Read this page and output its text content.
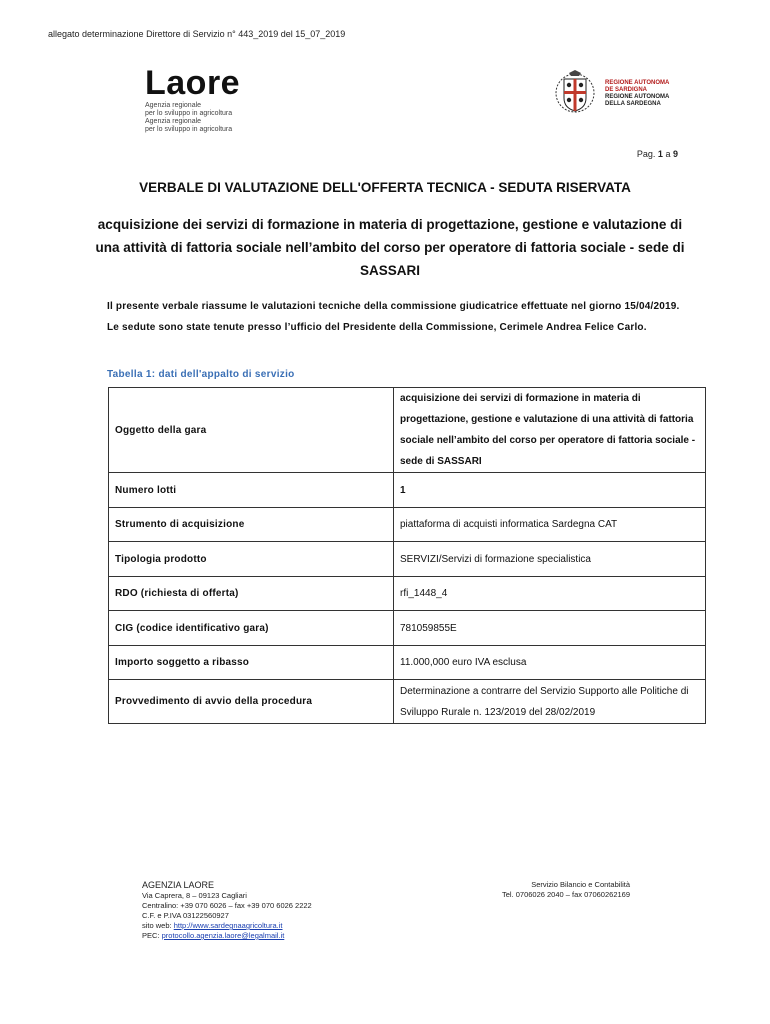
allegato determinazione Direttore di Servizio n° 443_2019 del 15_07_2019
Laore
Agenzia regionale
per lo sviluppo in agricoltura
Agenzia regionale
per lo sviluppo in agricoltura
REGIONE AUTONOMA
DE SARDIGNA
REGIONE AUTONOMA
DELLA SARDEGNA
Pag. 1 a 9
VERBALE DI VALUTAZIONE DELL'OFFERTA TECNICA - SEDUTA RISERVATA
acquisizione dei servizi di formazione in materia di progettazione, gestione e valutazione di una attività di fattoria sociale nell’ambito del corso per operatore di fattoria sociale - sede di SASSARI
Il presente verbale riassume le valutazioni tecniche della commissione giudicatrice effettuate nel giorno 15/04/2019. Le sedute sono state tenute presso l’ufficio del Presidente della Commissione, Cerimele Andrea Felice Carlo.
Tabella 1: dati dell'appalto di servizio
Oggetto della gara	acquisizione dei servizi di formazione in materia di progettazione, gestione e valutazione di una attività di fattoria sociale nell’ambito del corso per operatore di fattoria sociale - sede di SASSARI
Numero lotti	1
Strumento di acquisizione	piattaforma di acquisti informatica Sardegna CAT
Tipologia prodotto	SERVIZI/Servizi di formazione specialistica
RDO (richiesta di offerta)	rfi_1448_4
CIG (codice identificativo gara)	781059855E
Importo soggetto a ribasso	11.000,000 euro IVA esclusa
Provvedimento di avvio della procedura	Determinazione a contrarre del Servizio Supporto alle Politiche di Sviluppo Rurale n. 123/2019 del 28/02/2019
AGENZIA LAORE
Via Caprera, 8 – 09123 Cagliari
Centralino: +39 070 6026 – fax +39 070 6026 2222
C.F. e P.IVA 03122560927
sito web: http://www.sardegnaagricoltura.it
PEC: protocollo.agenzia.laore@legalmail.it
Servizio Bilancio e Contabilità
Tel. 0706026 2040 – fax 07060262169
